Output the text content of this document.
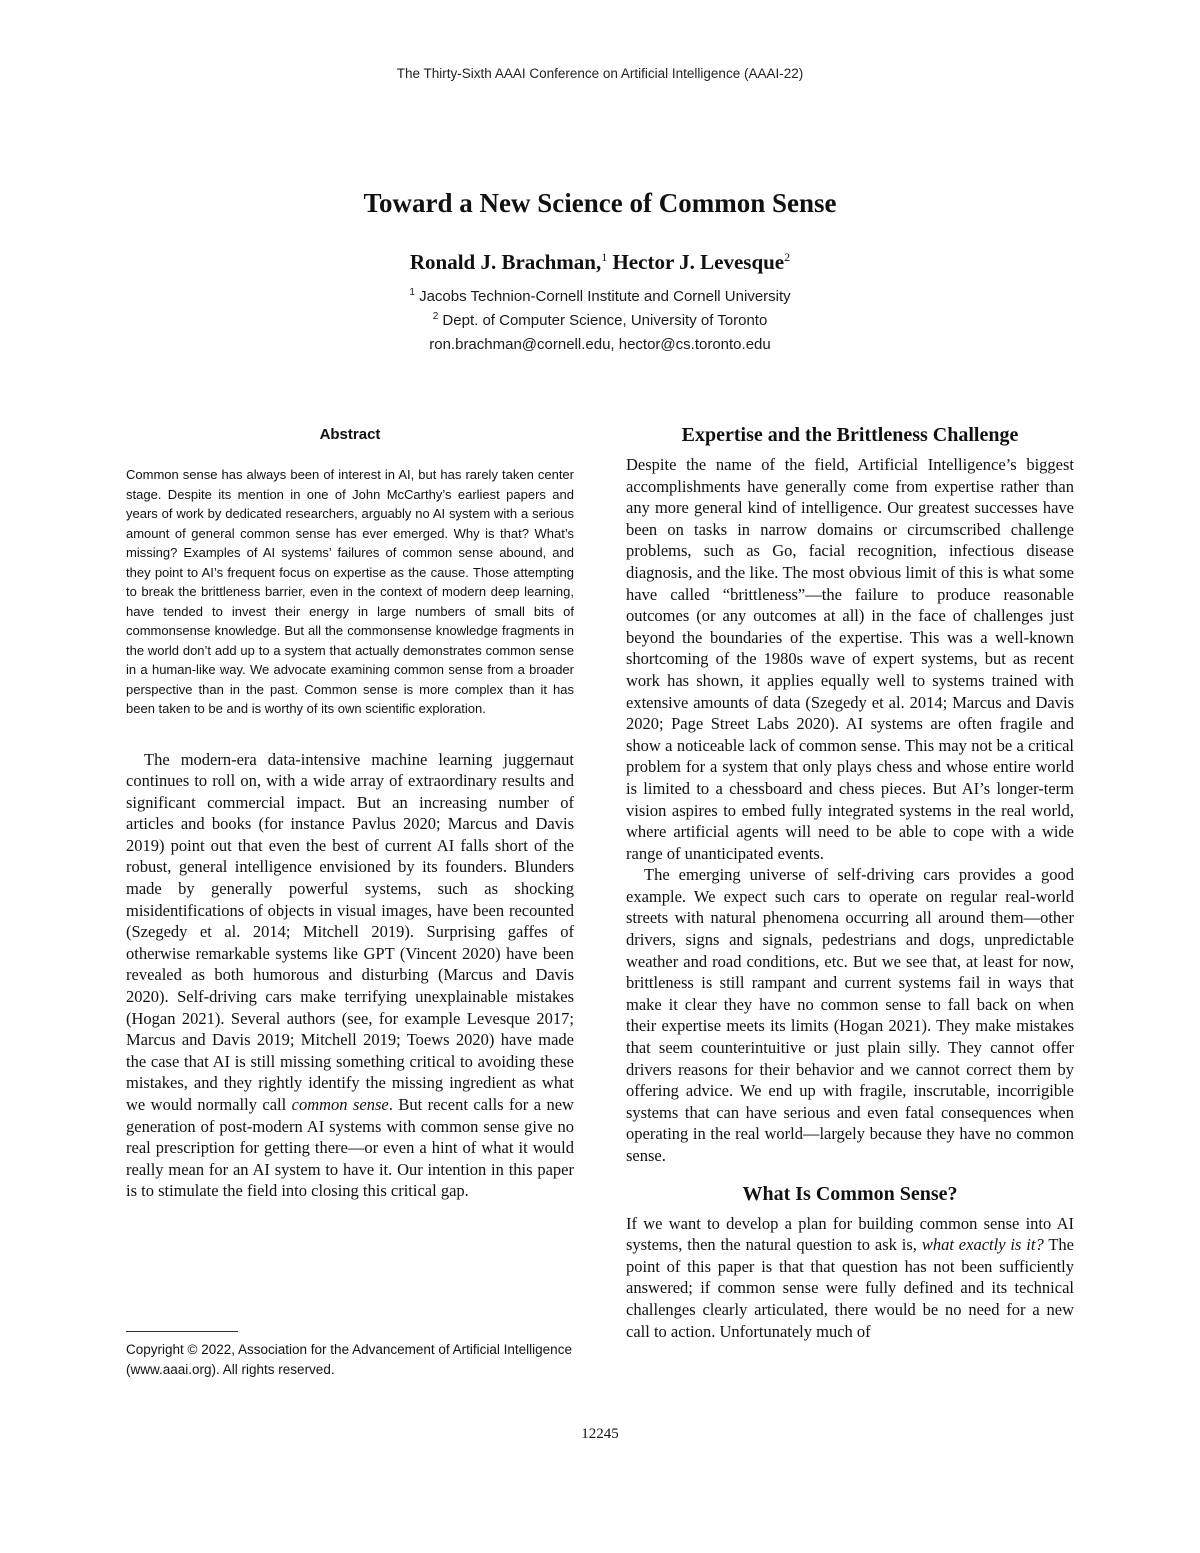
The Thirty-Sixth AAAI Conference on Artificial Intelligence (AAAI-22)
Toward a New Science of Common Sense
Ronald J. Brachman,$^1$ Hector J. Levesque$^2$
$^1$ Jacobs Technion-Cornell Institute and Cornell University
$^2$ Dept. of Computer Science, University of Toronto
ron.brachman@cornell.edu, hector@cs.toronto.edu
Abstract

Common sense has always been of interest in AI, but has rarely taken center stage. Despite its mention in one of John McCarthy’s earliest papers and years of work by dedicated researchers, arguably no AI system with a serious amount of general common sense has ever emerged. Why is that? What’s missing? Examples of AI systems’ failures of common sense abound, and they point to AI’s frequent focus on expertise as the cause. Those attempting to break the brittleness barrier, even in the context of modern deep learning, have tended to invest their energy in large numbers of small bits of commonsense knowledge. But all the commonsense knowledge fragments in the world don’t add up to a system that actually demonstrates common sense in a human-like way. We advocate examining common sense from a broader perspective than in the past. Common sense is more complex than it has been taken to be and is worthy of its own scientific exploration.

The modern-era data-intensive machine learning juggernaut continues to roll on, with a wide array of extraordinary results and significant commercial impact. But an increasing number of articles and books (for instance Pavlus 2020; Marcus and Davis 2019) point out that even the best of current AI falls short of the robust, general intelligence envisioned by its founders. Blunders made by generally powerful systems, such as shocking misidentifications of objects in visual images, have been recounted (Szegedy et al. 2014; Mitchell 2019). Surprising gaffes of otherwise remarkable systems like GPT (Vincent 2020) have been revealed as both humorous and disturbing (Marcus and Davis 2020). Self-driving cars make terrifying unexplainable mistakes (Hogan 2021). Several authors (see, for example Levesque 2017; Marcus and Davis 2019; Mitchell 2019; Toews 2020) have made the case that AI is still missing something critical to avoiding these mistakes, and they rightly identify the missing ingredient as what we would normally call common sense. But recent calls for a new generation of post-modern AI systems with common sense give no real prescription for getting there—or even a hint of what it would really mean for an AI system to have it. Our intention in this paper is to stimulate the field into closing this critical gap.

Copyright © 2022, Association for the Advancement of Artificial Intelligence (www.aaai.org). All rights reserved.

Expertise and the Brittleness Challenge

Despite the name of the field, Artificial Intelligence’s biggest accomplishments have generally come from expertise rather than any more general kind of intelligence. Our greatest successes have been on tasks in narrow domains or circumscribed challenge problems, such as Go, facial recognition, infectious disease diagnosis, and the like. The most obvious limit of this is what some have called “brittleness”—the failure to produce reasonable outcomes (or any outcomes at all) in the face of challenges just beyond the boundaries of the expertise. This was a well-known shortcoming of the 1980s wave of expert systems, but as recent work has shown, it applies equally well to systems trained with extensive amounts of data (Szegedy et al. 2014; Marcus and Davis 2020; Page Street Labs 2020). AI systems are often fragile and show a noticeable lack of common sense. This may not be a critical problem for a system that only plays chess and whose entire world is limited to a chessboard and chess pieces. But AI’s longer-term vision aspires to embed fully integrated systems in the real world, where artificial agents will need to be able to cope with a wide range of unanticipated events.

The emerging universe of self-driving cars provides a good example. We expect such cars to operate on regular real-world streets with natural phenomena occurring all around them—other drivers, signs and signals, pedestrians and dogs, unpredictable weather and road conditions, etc. But we see that, at least for now, brittleness is still rampant and current systems fail in ways that make it clear they have no common sense to fall back on when their expertise meets its limits (Hogan 2021). They make mistakes that seem counterintuitive or just plain silly. They cannot offer drivers reasons for their behavior and we cannot correct them by offering advice. We end up with fragile, inscrutable, incorrigible systems that can have serious and even fatal consequences when operating in the real world—largely because they have no common sense.

What Is Common Sense?

If we want to develop a plan for building common sense into AI systems, then the natural question to ask is, what exactly is it? The point of this paper is that that question has not been sufficiently answered; if common sense were fully defined and its technical challenges clearly articulated, there would be no need for a new call to action. Unfortunately much of

12245
